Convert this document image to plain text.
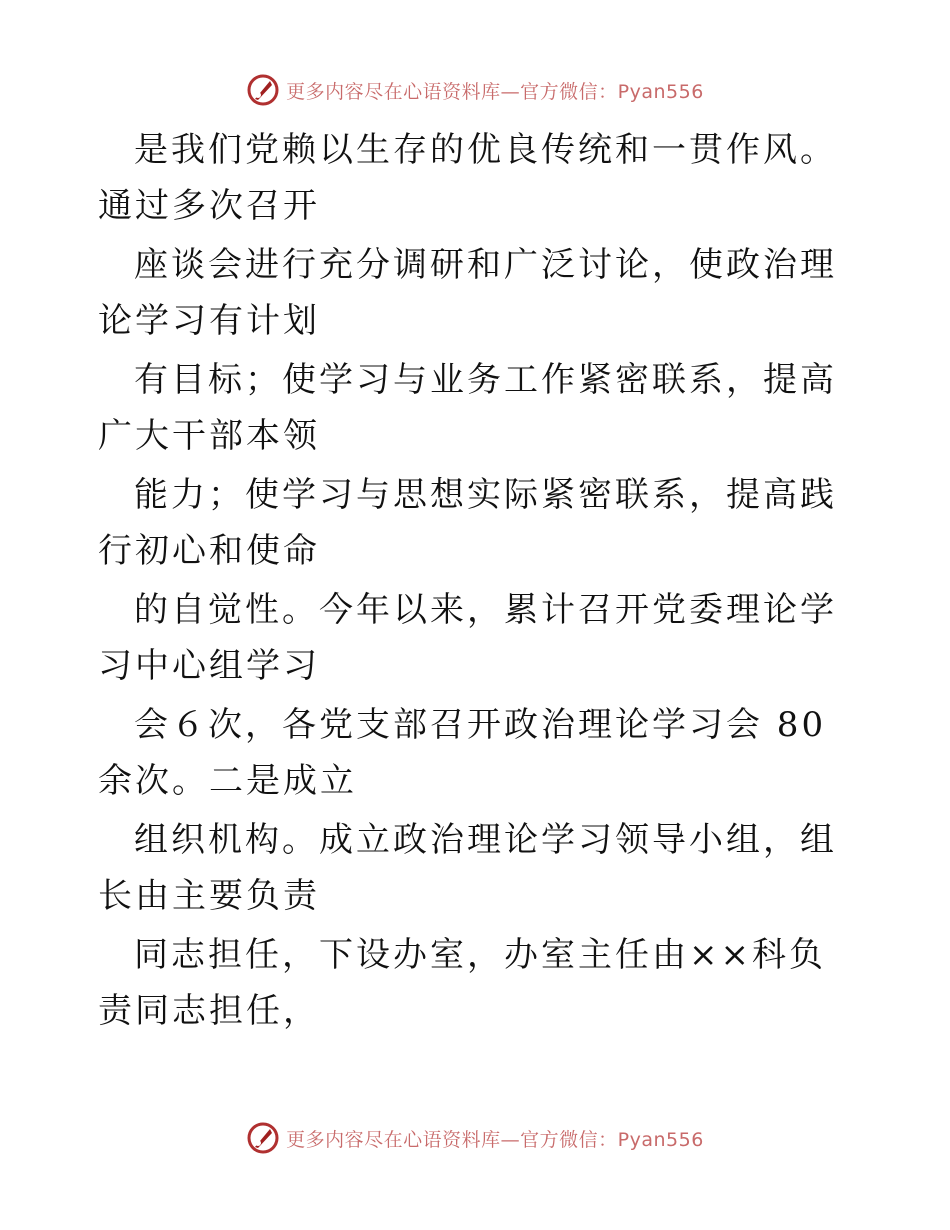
更多内容尽在心语资料库—官方微信：Pyan556

是我们党赖以生存的优良传统和一贯作风。通过多次召开

座谈会进行充分调研和广泛讨论，使政治理论学习有计划

有目标；使学习与业务工作紧密联系，提高广大干部本领

能力；使学习与思想实际紧密联系，提高践行初心和使命

的自觉性。今年以来，累计召开党委理论学习中心组学习

会６次，各党支部召开政治理论学习会 80 余次。二是成立

组织机构。成立政治理论学习领导小组，组长由主要负责

同志担任，下设办室，办室主任由××科负责同志担任，

更多内容尽在心语资料库—官方微信：Pyan556
